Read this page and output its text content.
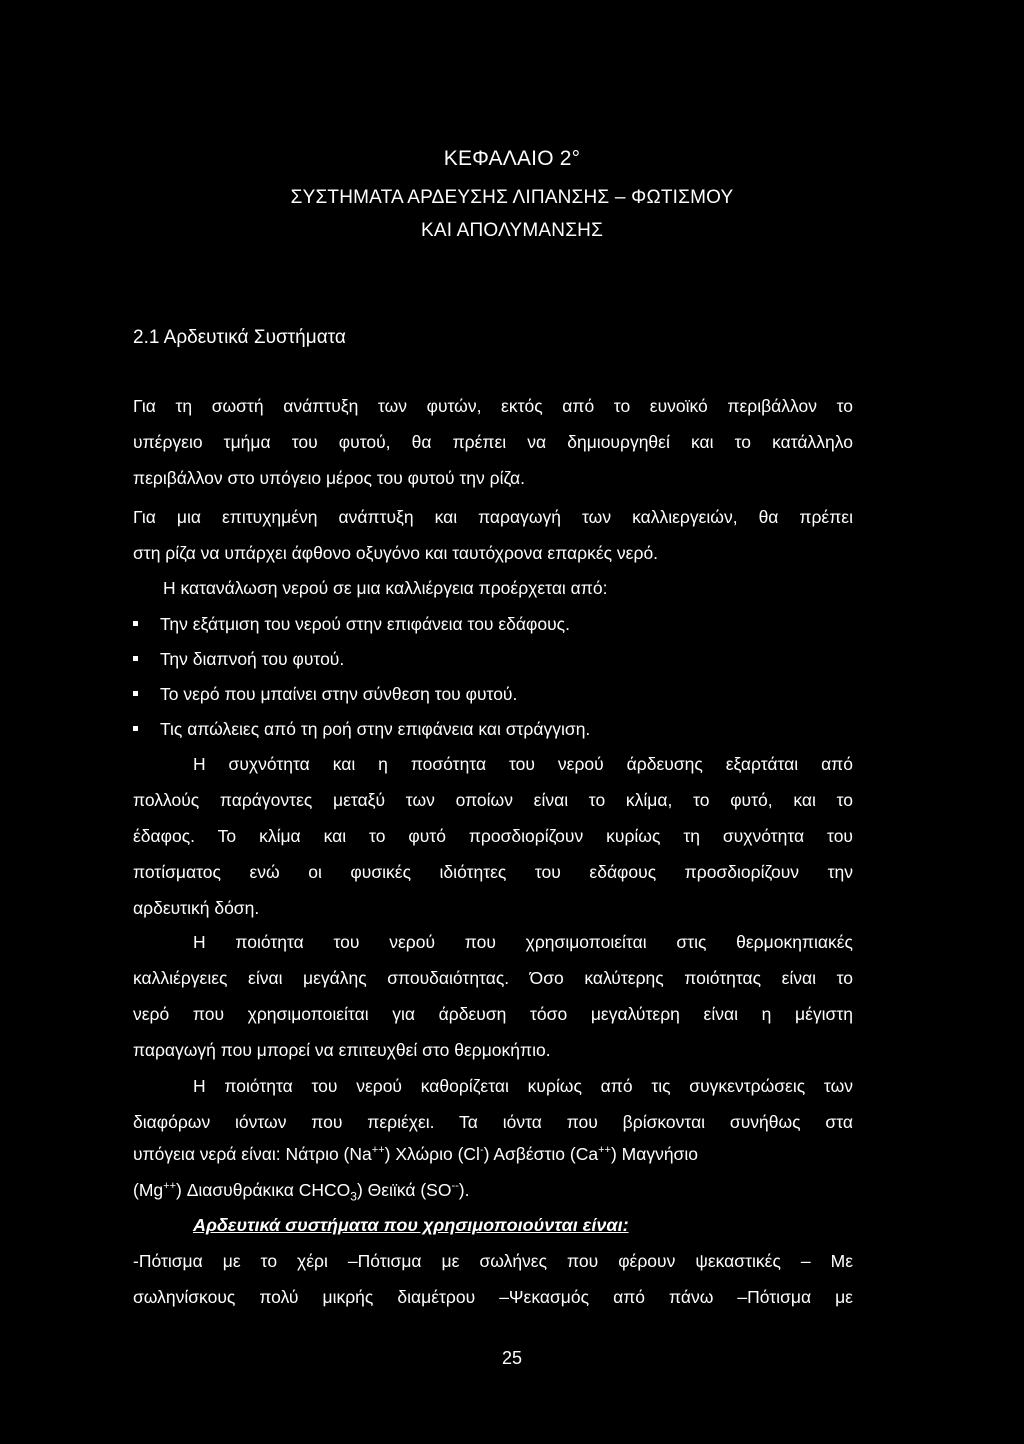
ΚΕΦΑΛΑΙΟ 2°
ΣΥΣΤΗΜΑΤΑ ΑΡΔΕΥΣΗΣ ΛΙΠΑΝΣΗΣ – ΦΩΤΙΣΜΟΥ
ΚΑΙ ΑΠΟΛΥΜΑΝΣΗΣ
2.1 Αρδευτικά Συστήματα
Για τη σωστή ανάπτυξη των φυτών, εκτός από το ευνοϊκό περιβάλλον το
υπέργειο τμήμα του φυτού, θα πρέπει να δημιουργηθεί και το κατάλληλο
περιβάλλον στο υπόγειο μέρος του φυτού την ρίζα.
Για μια επιτυχημένη ανάπτυξη και παραγωγή των καλλιεργειών, θα πρέπει
στη ρίζα να υπάρχει άφθονο οξυγόνο και ταυτόχρονα επαρκές νερό.
Η κατανάλωση νερού σε μια καλλιέργεια προέρχεται από:
Την εξάτμιση του νερού στην επιφάνεια του εδάφους.
Την διαπνοή του φυτού.
Το νερό που μπαίνει στην σύνθεση του φυτού.
Τις απώλειες από τη ροή στην επιφάνεια και στράγγιση.
Η συχνότητα και η ποσότητα του νερού άρδευσης εξαρτάται από
πολλούς παράγοντες μεταξύ των οποίων είναι το κλίμα, το φυτό, και το
έδαφος. Το κλίμα και το φυτό προσδιορίζουν κυρίως τη συχνότητα του
ποτίσματος ενώ οι φυσικές ιδιότητες του εδάφους προσδιορίζουν την
αρδευτική δόση.
Η ποιότητα του νερού που χρησιμοποιείται στις θερμοκηπιακές
καλλιέργειες είναι μεγάλης σπουδαιότητας. Όσο καλύτερης ποιότητας είναι το
νερό που χρησιμοποιείται για άρδευση τόσο μεγαλύτερη είναι η μέγιστη
παραγωγή που μπορεί να επιτευχθεί στο θερμοκήπιο.
Η ποιότητα του νερού καθορίζεται κυρίως από τις συγκεντρώσεις των
διαφόρων ιόντων που περιέχει. Τα ιόντα που βρίσκονται συνήθως στα
υπόγεια νερά είναι: Νάτριο (Na++) Χλώριο (Cl-) Ασβέστιο (Ca++) Μαγνήσιο
(Mg++) Διασυθράκικα $CHCO_3$) Θειϊκά (SO--).
Αρδευτικά συστήματα που χρησιμοποιούνται είναι:
-Πότισμα με το χέρι –Πότισμα με σωλήνες που φέρουν ψεκαστικές – Με
σωληνίσκους πολύ μικρής διαμέτρου –Ψεκασμός από πάνω –Πότισμα με
25
